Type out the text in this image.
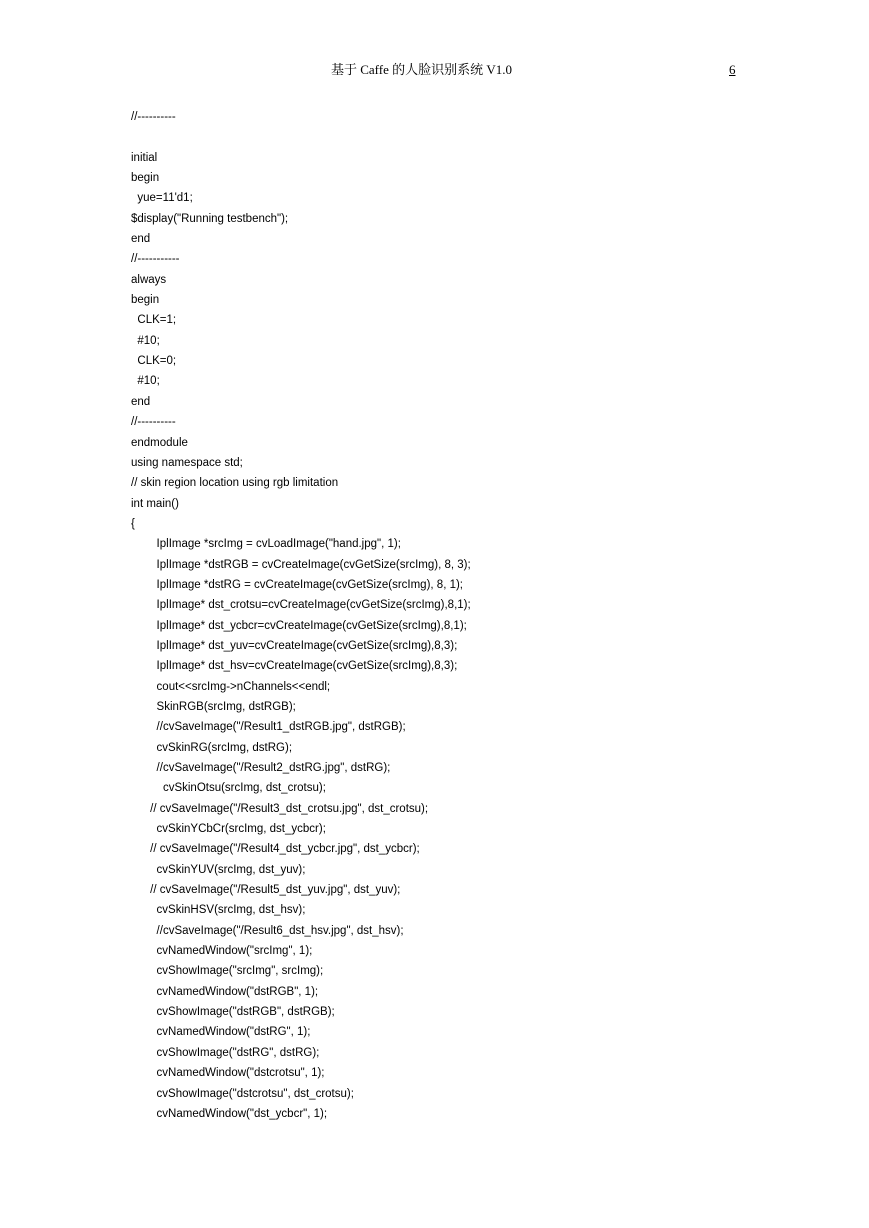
基于 Caffe 的人脸识别系统 V1.0	6
//----------
initial
begin
yue=11'd1;
$display("Running testbench");
end
//-----------
always
begin
CLK=1;
#10;
CLK=0;
#10;
end
//----------
endmodule
using namespace std;
// skin region location using rgb limitation
int main()
{
IplImage *srcImg = cvLoadImage("hand.jpg", 1);
IplImage *dstRGB = cvCreateImage(cvGetSize(srcImg), 8, 3);
IplImage *dstRG = cvCreateImage(cvGetSize(srcImg), 8, 1);
IplImage* dst_crotsu=cvCreateImage(cvGetSize(srcImg),8,1);
IplImage* dst_ycbcr=cvCreateImage(cvGetSize(srcImg),8,1);
IplImage* dst_yuv=cvCreateImage(cvGetSize(srcImg),8,3);
IplImage* dst_hsv=cvCreateImage(cvGetSize(srcImg),8,3);
cout<<srcImg->nChannels<<endl;
SkinRGB(srcImg, dstRGB);
//cvSaveImage("/Result1_dstRGB.jpg", dstRGB);
cvSkinRG(srcImg, dstRG);
//cvSaveImage("/Result2_dstRG.jpg", dstRG);
cvSkinOtsu(srcImg, dst_crotsu);
// cvSaveImage("/Result3_dst_crotsu.jpg", dst_crotsu);
cvSkinYCbCr(srcImg, dst_ycbcr);
// cvSaveImage("/Result4_dst_ycbcr.jpg", dst_ycbcr);
cvSkinYUV(srcImg, dst_yuv);
// cvSaveImage("/Result5_dst_yuv.jpg", dst_yuv);
cvSkinHSV(srcImg, dst_hsv);
//cvSaveImage("/Result6_dst_hsv.jpg", dst_hsv);
cvNamedWindow("srcImg", 1);
cvShowImage("srcImg", srcImg);
cvNamedWindow("dstRGB", 1);
cvShowImage("dstRGB", dstRGB);
cvNamedWindow("dstRG", 1);
cvShowImage("dstRG", dstRG);
cvNamedWindow("dstcrotsu", 1);
cvShowImage("dstcrotsu", dst_crotsu);
cvNamedWindow("dst_ycbcr", 1);
